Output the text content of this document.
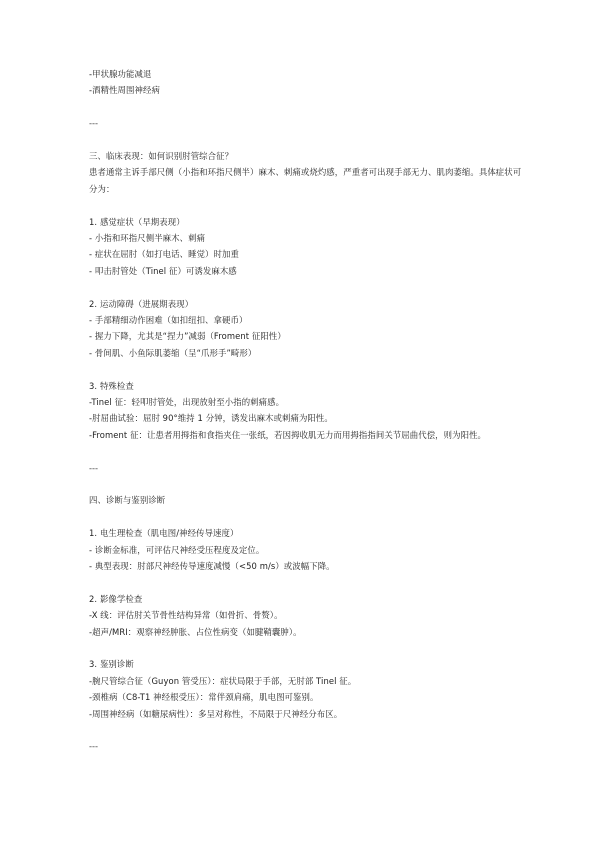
-甲状腺功能减退
-酒精性周围神经病
---
三、临床表现：如何识别肘管综合征？
患者通常主诉手部尺侧（小指和环指尺侧半）麻木、刺痛或烧灼感，严重者可出现手部无力、肌肉萎缩。具体症状可分为：
1. 感觉症状（早期表现）
- 小指和环指尺侧半麻木、刺痛
- 症状在屈肘（如打电话、睡觉）时加重
- 叩击肘管处（Tinel 征）可诱发麻木感
2. 运动障碍（进展期表现）
- 手部精细动作困难（如扣纽扣、拿硬币）
- 握力下降，尤其是“捏力”减弱（Froment 征阳性）
- 骨间肌、小鱼际肌萎缩（呈“爪形手”畸形）
3. 特殊检查
-Tinel 征：轻叩肘管处，出现放射至小指的刺痛感。
-肘屈曲试验：屈肘 90°维持 1 分钟，诱发出麻木或刺痛为阳性。
-Froment 征：让患者用拇指和食指夹住一张纸，若因拇收肌无力而用拇指指间关节屈曲代偿，则为阳性。
---
四、诊断与鉴别诊断
1. 电生理检查（肌电图/神经传导速度）
- 诊断金标准，可评估尺神经受压程度及定位。
- 典型表现：肘部尺神经传导速度减慢（<50 m/s）或波幅下降。
2. 影像学检查
-X 线：评估肘关节骨性结构异常（如骨折、骨赘）。
-超声/MRI：观察神经肿胀、占位性病变（如腱鞘囊肿）。
3. 鉴别诊断
-腕尺管综合征（Guyon 管受压）：症状局限于手部，无肘部 Tinel 征。
-颈椎病（C8-T1 神经根受压）：常伴颈肩痛，肌电图可鉴别。
-周围神经病（如糖尿病性）：多呈对称性，不局限于尺神经分布区。
---
